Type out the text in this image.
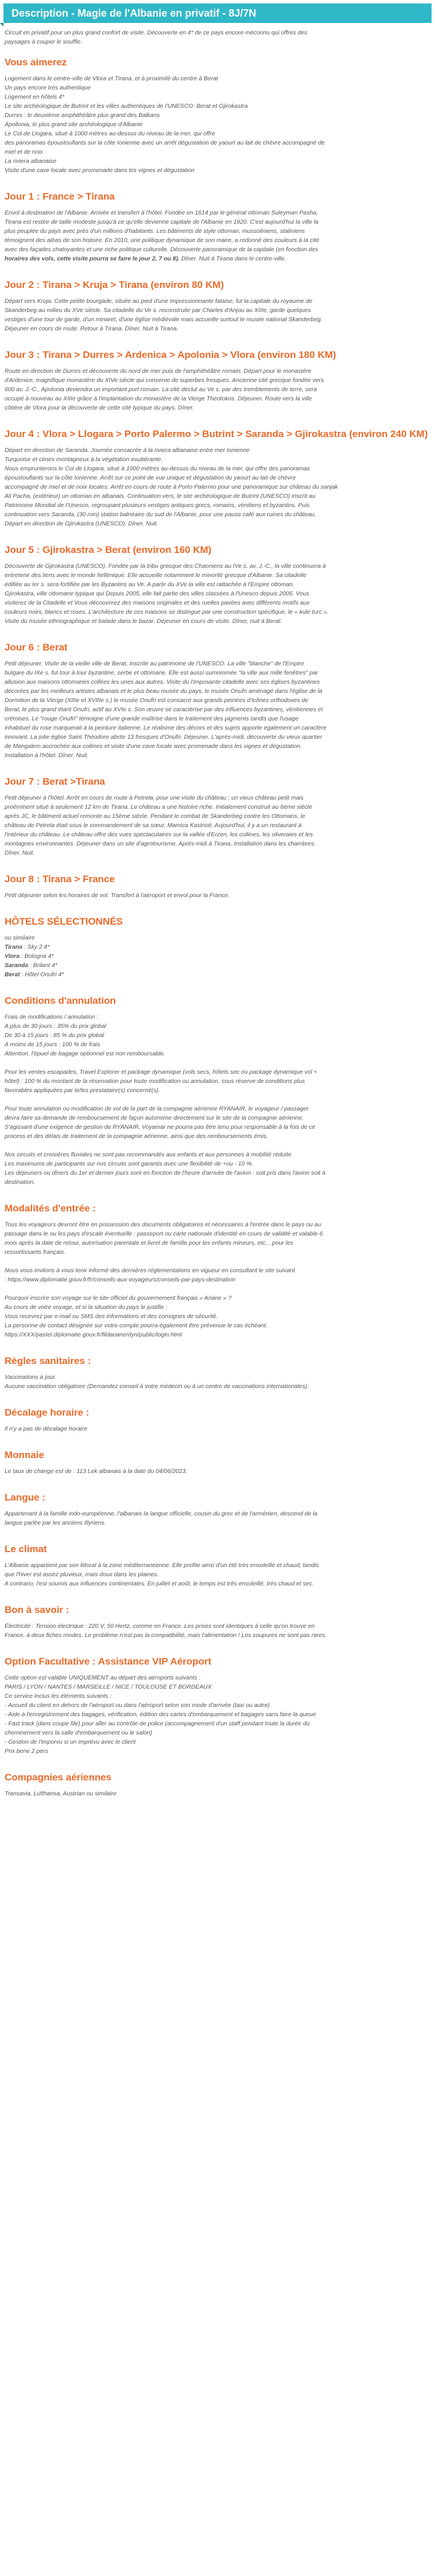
Description - Magie de l'Albanie en privatif - 8J/7N

Circuit en privatif pour un plus grand confort de visite. Découverte en 4* de ce pays encore méconnu qui offres des

paysages à couper le souffle.

Vous aimerez

Logement dans le centre-ville de Vlora et Tirana, et à proximité du centre à Berat

Un pays encore très authentique

Logement en hôtels 4*

Le site archéologique de Butrint et les villes authentiques de l'UNESCO: Berat et Gjirokastra

Durres : le deuxième amphithéâtre plus grand des Balkans

Apollonia, le plus grand site archéologique d'Albanie

Le Col de Llogara, situé à 1000 mètres au-dessus du niveau de la mer, qui offre

des panoramas époustouflants sur la côte Ionienne avec un arrêt dégustation de yaourt au lait de chèvre accompagné de

miel et de noix

La riviera albanaise

Visite d'une cave locale avec promenade dans les vignes et dégustation

Jour 1 : France > Tirana

Envol à destination de l'Albanie. Arrivée et transfert à l'hôtel. Fondée en 1614 par le général ottoman Suleyman Pasha,

Tirana est restée de taille modeste jusqu'à ce qu'elle devienne capitale de l'Albanie en 1920. C'est aujourd'hui la ville la

plus peuplée du pays avec près d'un millions d'habitants. Les bâtiments de style ottoman, mussoliniens, staliniens

témoignent des aléas de son histoire. En 2010, une politique dynamique de son maire, a redonné des couleurs à la cité

avec des façades chatoyantes et une riche politique culturelle. Découverte panoramique de la capitale (en fonction des

horaires des vols, cette visite pourra se faire le jour 2, 7 ou 8). Dîner. Nuit à Tirana dans le centre-ville.

Jour 2 : Tirana > Kruja > Tirana (environ 80 KM)

Départ vers Kruja. Cette petite bourgade, située au pied d'une impressionnante falaise, fut la capitale du royaume de

Skanderbeg au milieu du XVe siècle. Sa citadelle du Ve s. reconstruite par Charles d'Anjou au XIIIe, garde quelques

vestiges d'une tour de garde, d'un minaret, d'une église médiévale mais accueille surtout le musée national Skanderbeg.

Déjeuner en cours de route. Retour à Tirana. Dîner. Nuit à Tirana.

Jour 3 : Tirana > Durres > Ardenica > Apolonia > Vlora (environ 180 KM)

Route en direction de Durres et découverte du nord de mer puis de l'amphithéâtre romain. Départ pour le monastère

d'Ardenice, magnifique monastère du XIVe siècle qui conserve de superbes fresques. Ancienne cité grecque fondée vers

600 av. J.-C., Apolonia deviendra un important port romain. La cité déclut au Ve s. par des tremblements de terre, sera

occupé à nouveau au XIIIe grâce à l'implantation du monastère de la Vierge Theotokos. Déjeuner. Route vers la ville

côtière de Vlora pour la découverte de cette cité typique du pays. Dîner.

Jour 4 : Vlora > Llogara > Porto Palermo > Butrint > Saranda > Gjirokastra (environ 240 KM)

Départ en direction de Saranda. Journée consacrée à la riviera albanaise entre mer Ionienne

Turquoise et cimes montagneux à la végétation exubérante.

Nous emprunterons le Col de Llogara, situé à 1000 mètres au-dessus du niveau de la mer, qui offre des panoramas

époustouflants sur la côte Ionienne. Arrêt sur ce point de vue unique et dégustation du yaourt au lait de chèvre

accompagné de miel et de noix locales. Arrêt en cours de route à Porto Palermo pour une panoramique sur château du sanjak

Ali Pacha, (extérieur) un ottoman en albanais. Continuation vers, le site archéologique de Butrint (UNESCO) inscrit au

Patrimoine Mondial de l'Unesco, regroupant plusieurs vestiges antiques grecs, romains, vénitiens et byzantins. Puis

continuation vers Saranda, (30 min) station balnéaire du sud de l'Albanie, pour une pause café aux ruines du château.

Départ en direction de Gjirokastra (UNESCO). Dîner. Nuit.

Jour 5 : Gjirokastra > Berat (environ 160 KM)

Découverte de Gjirokastra (UNESCO). Fondée par la tribu grecque des Chaoniens au IVe s. av. J.-C., la ville continuera à

entretenir des liens avec le monde hellénique. Elle accueille notamment le minorité grecque d'Albanie. Sa citadelle

édifiée au Ier s. sera fortifiée par les Byzantins au Ve. A partir du XVe la ville est rattachée à l'Empire ottoman.

Gjirokastra, ville ottomane typique qui Depuis 2005, elle fait partie des villes classées à l'Unesco depuis 2005. Vous

visiterez de la Citadelle et Vous découvrirez des maisons originales et des ruelles pavées avec différents motifs aux

couleurs noirs, blancs et roses. L'architecture de ces maisons se distingue par une construction spécifique, le « kule turc ».

Visite du musée ethnographique et balade dans le bazar. Déjeuner en cours de visite. Dîner, nuit à Berat.

Jour 6 : Berat

Petit déjeuner. Visite de la vieille ville de Berat, inscrite au patrimoine de l'UNESCO. La ville "blanche" de l'Empire

bulgare du IXe s. fut tour à tour byzantine, serbe et ottomane. Elle est aussi surnommée "la ville aux mille fenêtres" par

allusion aux maisons ottomanes collées les unes aux autres. Visite du l'imposante citadelle avec ses églises byzantines

décorées par les meilleurs artistes albanais et le plus beau musée du pays, le musée Onufri aménagé dans l'église de la

Dormition de la Vierge (XIIIe et XVIIIe s.) le musée Onufri est consacré aux grands peintres d'icônes orthodoxes de

Berat, le plus grand étant Onufri, actif au XVIe s. Son œuvre se caractérise par des influences byzantines, vénitiennes et

crétoises. Le "rouge Onufri" témoigne d'une grande maîtrise dans le traitement des pigments tandis que l'usage

inhabituel du rose marquerait à la peinture italienne. Le réalisme des décors et des sujets apporte également un caractère

innovant. La jolie église Saint Théodore abrite 13 fresques d'Onufri. Déjeuner. L'après-midi, découverte du vieux quartier

de Mangalem accrochée aux collines et visite d'une cave locale avec promenade dans les vignes et dégustation.

Installation à l'hôtel. Dîner. Nuit.

Jour 7 : Berat >Tirana

Petit déjeuner à l'hôtel. Arrêt en cours de route à Petrela, pour une visite du château ; un vieux château petit mais

proéminent situé à seulement 12 km de Tirana. Le château a une histoire riche. Initialement construit au 6ème siècle

après JC, le bâtiment actuel remonte au 15ème siècle. Pendant le combat de Skanderbeg contre les Ottomans, le

château de Petrela était sous le commandement de sa sœur, Mamica Kastrioti. Aujourd'hui, il y a un restaurant à

l'intérieur du château. Le château offre des vues spectaculaires sur la vallée d'Erzen, les collines, les oliveraies et les

montagnes environnantes. Déjeuner dans un site d'agrotourisme. Après-midi à Tirana. Installation dans les chambres.

Dîner. Nuit.

Jour 8 : Tirana > France

Petit déjeuner selon les horaires de vol. Transfert à l'aéroport et envol pour la France.

HÔTELS SÉLECTIONNÉS

ou similaire

Tirana : Sky 2 4*

Vlora : Bologna 4*

Saranda : Brilant 4*

Berat : Hôtel Onufri 4*

Conditions d'annulation

Frais de modifications / annulation :

A plus de 30 jours : 35% du prix global

De 30 à 15 jours : 85 % du prix global

A moins de 15 jours : 100 % de frais

Attention, l'épuel de bagage optionnel est non remboursable.

Pour les ventes escapades, Travel Explorer et package dynamique (vols secs, hôtels sec ou package dynamique vol +

hôtel) : 100 % du montant de la réservation pour toute modification ou annulation, sous réserve de conditions plus

favorables appliquées par le/les prestataire(s) concerné(s).

Pour toute annulation ou modification de vol de la part de la compagnie aérienne RYANAIR, le voyageur / passager

devra faire sa demande de remboursement de façon autonome directement sur le site de la compagnie aérienne.

S'agissant d'une exigence de gestion de RYANAIR, Voyamar ne pourra pas être tenu pour responsable à la fois de ce

process et des délais de traitement de la compagnie aérienne, ainsi que des remboursements émis.

Nos circuits et croisières fluviales ne sont pas recommandés aux enfants et aux personnes à mobilité réduite.

Les maximums de participants sur nos circuits sont garantis avec une flexibilité de +ou - 10 %.

Les déjeuners ou dîners du 1er et dernier jours sont en fonction de l'heure d'arrivée de l'avion : soit pris dans l'avion soit à

destination.

Modalités d'entrée :

Tous les voyageurs devront être en possession des documents obligatoires et nécessaires à l'entrée dans le pays ou au

passage dans le ou les pays d'escale éventuelle : passeport ou carte nationale d'identité en cours de validité et valable 6

mois après la date de retour, autorisation parentale et livret de famille pour les enfants mineurs, etc... pour les

ressortissants français.

Nous vous invitons à vous tenir informé des dernières réglementations en vigueur en consultant le site suivant

: https://www.diplomatie.gouv.fr/fr/conseils-aux-voyageurs/conseils-par-pays-destination

Pourquoi inscrire son voyage sur le site officiel du gouvernement français « Ariane » ?

Au cours de votre voyage, et si la situation du pays le justifie :

Vous recevrez par e-mail ou SMS des informations et des consignes de sécurité.

La personne de contact désignée sur votre compte pourra également être prévenue le cas échéant.

https://XXX/pastel.diplomatie.gouv.fr/fildariane/dyn/public/login.html

Règles sanitaires :

Vaccinations à jour.

Aucune vaccination obligatoire (Demandez conseil à votre médecin ou à un centre de vaccinations internationales).

Décalage horaire :

Il n'y a pas de décalage horaire

Monnaie

Le taux de change est de : 113 Lek albanais à la date du 04/06/2023.

Langue :

Appartenant à la famille indo-européenne, l'albanais la langue officielle, cousin du grec et de l'arménien, descend de la

langue parlée par les anciens Illyriens.

Le climat

L'Albanie appartient par son littoral à la zone méditerranéenne. Elle profite ainsi d'un été très ensoleillé et chaud, tandis

que l'hiver est assez pluvieux, mais doux dans les plaines.

A contrario, l'est soumis aux influences continentales. En juillet et août, le temps est très ensoleillé, très chaud et sec.

Bon à savoir :

Électricité : Tension électrique : 220 V, 50 Hertz, comme en France. Les prises sont identiques à celle qu'on trouve en

France, à deux fiches rondes. Le problème n'est pas la compatibilité, mais l'alimentation ! Les coupures ne sont pas rares.

Option Facultative : Assistance VIP Aéroport

Cette option est valable UNIQUEMENT au départ des aéroports suivants :

PARIS / LYON / NANTES / MARSEILLE / NICE / TOULOUSE ET BORDEAUX

Ce service inclus les éléments suivants :

- Accueil du client en dehors de l'aéroport ou dans l'aéroport selon son mode d'arrivée (taxi ou autre)

- Aide à l'enregistrement des bagages, vérification, édition des cartes d'embarquement et bagages sans faire la queue

- Fast track (dans coupe file) pour aller au contrôle de police (accompagnement d'un staff pendant toute la durée du

cheminement vers la salle d'embarquement ou le salon)

- Gestion de l'imporvu si un imprévu avec le client

Prix bene 2 pers

Compagnies aériennes

Transavia, Lufthansa, Austrian ou similaire
